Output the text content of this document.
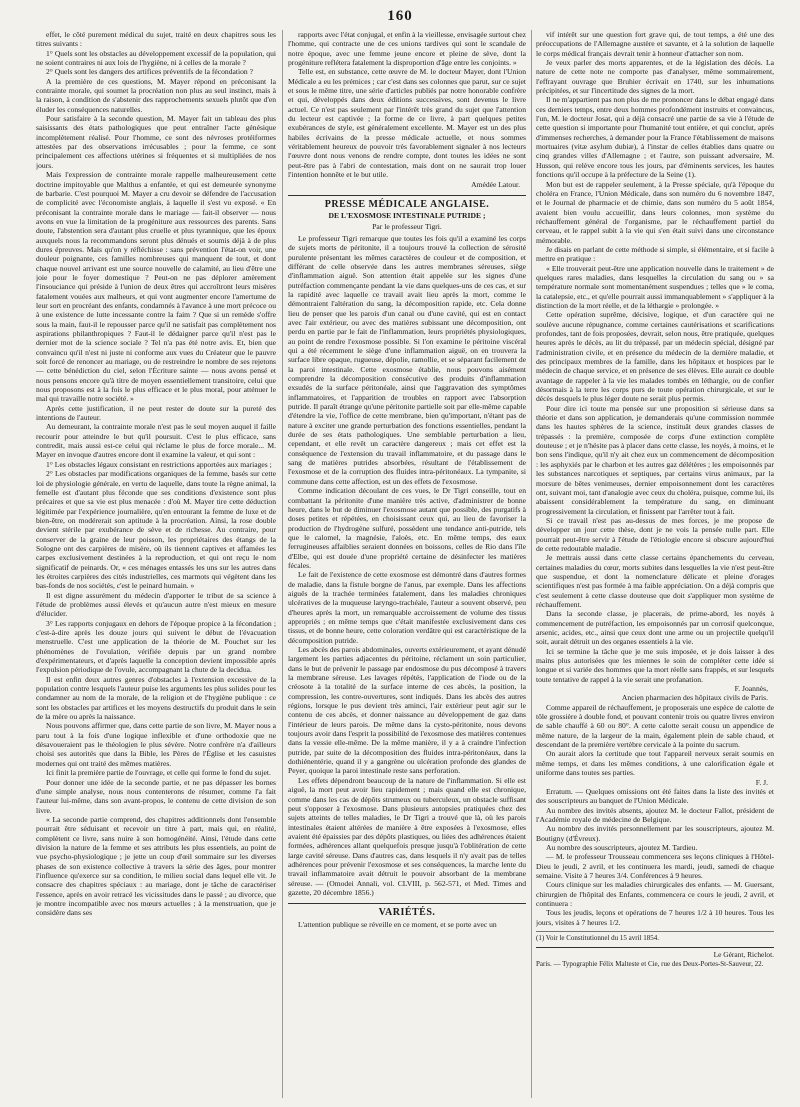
160

effet, le côté purement médical du sujet, traité en deux chapitres sous les titres suivants :

1° Quels sont les obstacles au développement excessif de la population, qui ne soient contraires ni aux lois de l'hygiène, ni à celles de la morale ?

2° Quels sont les dangers des artifices préventifs de la fécondation ?

A la première de ces questions, M. Mayer répond en préconisant la contrainte morale, qui soumet la procréation non plus au seul instinct, mais à la raison, à condition de s'abstenir des rapprochements sexuels plutôt que d'en éluder les conséquences naturelles.

Pour satisfaire à la seconde question, M. Mayer fait un tableau des plus saisissants des états pathologiques que peut entraîner l'acte génésique incomplètement réalisé. Pour l'homme, ce sont des névroses protéiformes attestées par des observations irrécusables ; pour la femme, ce sont principalement ces affections utérines si fréquentes et si multipliées de nos jours.

Mais l'expression de contrainte morale rappelle malheureusement cette doctrine impitoyable que Malthus a enfantée, et qui est demeurée synonyme de barbarie. C'est pourquoi M. Mayer a cru devoir se défendre de l'accusation de complicité avec l'économiste anglais, à laquelle il s'est vu exposé. « En préconisant la contrainte morale dans le mariage — fait-il observer — nous avons en vue la limitation de la progéniture aux ressources des parents. Sans doute, l'abstention sera d'autant plus cruelle et plus tyrannique, que les époux auxquels nous la recommandons seront plus dénués et soumis déjà à de plus dures épreuves. Mais qu'on y réfléchisse : sans prévention l'état-on voir, une douleur poignante, ces familles nombreuses qui manquent de tout, et dont chaque nouvel arrivant est une source nouvelle de calamité, au lieu d'être une joie pour le foyer domestique ? Peut-on ne pas déplorer amèrement l'insouciance qui préside à l'union de deux êtres qui accroîtront leurs misères fatalement vouées aux malheurs, et qui vont augmenter encore l'amertume de leur sort en procréant des enfants, condamnés à l'avance à une mort précoce ou à une existence de lutte incessante contre la faim ? Que si un remède s'offre sous la main, faut-il le repousser parce qu'il ne satisfait pas complètement nos aspirations philanthropiques ? Faut-il le dédaigner parce qu'il n'est pas le dernier mot de la science sociale ? Tel n'a pas été notre avis. Et, bien que convaincu qu'il n'est ni juste ni conforme aux vues du Créateur que le pauvre soit forcé de renoncer au mariage, ou de restreindre le nombre de ses rejetons — cette bénédiction du ciel, selon l'Écriture sainte — nous avons pensé et nous pensons encore qu'à titre de moyen essentiellement transitoire, celui que nous proposons est à la fois le plus efficace et le plus moral, pour atténuer le mal qui travaille notre société. »

Après cette justification, il ne peut rester de doute sur la pureté des intentions de l'auteur.

Au demeurant, la contrainte morale n'est pas le seul moyen auquel il faille recourir pour atteindre le but qu'il poursuit. C'est le plus efficace, sans contredit, mais aussi est-ce celui qui réclame le plus de force morale... M. Mayer en invoque d'autres encore dont il examine la valeur, et qui sont :

1° Les obstacles légaux consistant en restrictions apportées aux mariages ;

2° Les obstacles par modifications organiques de la femme, basés sur cette loi de physiologie générale, en vertu de laquelle, dans toute la règne animal, la femelle est d'autant plus féconde que ses conditions d'existence sont plus précaires et que sa vie est plus menacée : d'où M. Mayer tire cette déduction légitimée par l'expérience journalière, qu'en entourant la femme de luxe et de bien-être, on modérerait son aptitude à la procréation. Ainsi, la rose double devient stérile par exubérance de sève et de richesse. Au contraire, pour conserver de la graine de leur poisson, les propriétaires des étangs de la Sologne ont des carpières de misère, où ils tiennent captives et affamées les carpes exclusivement destinées à la reproduction, et qui ont reçu le nom significatif de peinards. Or, « ces ménages entassés les uns sur les autres dans les étroites carpières des cités industrielles, ces marmots qui végètent dans les bas-fonds de nos sociétés, c'est le peinard humain. »

Il est digne assurément du médecin d'apporter le tribut de sa science à l'étude de problèmes aussi élevés et qu'aucun autre n'est mieux en mesure d'élucider.

3° Les rapports conjugaux en dehors de l'époque propice à la fécondation ; c'est-à-dire après les douze jours qui suivent le début de l'évacuation menstruelle. C'est une application de la théorie de M. Pouchet sur les phénomènes de l'ovulation, vérifiée depuis par un grand nombre d'expérimentateurs, et d'après laquelle la conception devient impossible après l'expulsion périodique de l'ovule, accompagnant la chute de la decidua.

Il est enfin deux autres genres d'obstacles à l'extension excessive de la population contre lesquels l'auteur puise les arguments les plus solides pour les condamner au nom de la morale, de la religion et de l'hygiène publique : ce sont les obstacles par artifices et les moyens destructifs du produit dans le sein de la mère ou après la naissance.

Nous pouvons affirmer que, dans cette partie de son livre, M. Mayer nous a paru tout à la fois d'une logique inflexible et d'une orthodoxie que ne désavoueraient pas le théologien le plus sévère. Notre confrère n'a d'ailleurs choisi ses autorités que dans la Bible, les Pères de l'Église et les casuistes modernes qui ont traité des mêmes matières.

Ici finit la première partie de l'ouvrage, et celle qui forme le fond du sujet.

Pour donner une idée de la seconde partie, et ne pas dépasser les bornes d'une simple analyse, nous nous contenterons de résumer, comme l'a fait l'auteur lui-même, dans son avant-propos, le contenu de cette division de son livre.

« La seconde partie comprend, des chapitres additionnels dont l'ensemble pourrait être séduisant et recevoir un titre à part, mais qui, en réalité, complètent ce livre, sans nuire à son homogénéité. Ainsi, l'étude dans cette division la nature de la femme et ses attributs les plus essentiels, au point de vue psycho-physiologique ; je jette un coup d'œil sommaire sur les diverses phases de son existence collective à travers la série des âges, pour montrer l'influence qu'exerce sur sa condition, le milieu social dans lequel elle vit. Je consacre des chapitres spéciaux : au mariage, dont je tâche de caractériser l'essence, après en avoir retracé les vicissitudes dans le passé ; au divorce, que je montre incompatible avec nos mœurs actuelles ; à la menstruation, que je considère dans ses

rapports avec l'état conjugal, et enfin à la vieillesse, envisagée surtout chez l'homme, qui contracte une de ces unions tardives qui sont le scandale de notre époque, avec une femme jeune encore et pleine de sève, dont la progéniture reflétera fatalement la disproportion d'âge entre les conjoints. »

Telle est, en substance, cette œuvre de M. le docteur Mayer, dont l'Union Médicale a eu les prémices ; car c'est dans ses colonnes que parut, sur ce sujet et sous le même titre, une série d'articles publiés par notre honorable confrère et qui, développés dans deux éditions successives, sont devenus le livre actuel. Ce n'est pas seulement par l'intérêt très grand du sujet que l'attention du lecteur est captivée ; la forme de ce livre, à part quelques petites exubérances de style, est généralement excellente. M. Mayer est un des plus habiles écrivains de la presse médicale actuelle, et nous sommes véritablement heureux de pouvoir très favorablement signaler à nos lecteurs l'œuvre dont nous venons de rendre compte, dont toutes les idées ne sont peut-être pas à l'abri de contestation, mais dont on ne saurait trop louer l'intention honnête et le but utile.

Amédée Latour.
PRESSE MÉDICALE ANGLAISE.
DE L'EXOSMOSE INTESTINALE PUTRIDE ;
Par le professeur Tigri.

Le professeur Tigri remarque que toutes les fois qu'il a examiné les corps de sujets morts de péritonite, il a toujours trouvé la collection de sérosité purulente présentant les mêmes caractères de couleur et de composition, et différant de celle observée dans les autres membranes séreuses, siège d'inflammation aiguë. Son attention était appelée sur les signes d'une putréfaction commençante pendant la vie dans quelques-uns de ces cas, et sur la rapidité avec laquelle ce travail avait lieu après la mort, comme le démontraient l'altération du sang, la décomposition rapide, etc. Cela donne lieu de penser que les parois d'un canal ou d'une cavité, qui est en contact avec l'air extérieur, ou avec des matières subissant une décomposition, ont perdu en partie par le fait de l'inflammation, leurs propriétés physiologiques, au point de rendre l'exosmose possible. Si l'on examine le péritoine viscéral qui a été récemment le siège d'une inflammation aiguë, on en trouvera la surface libre opaque, rugueuse, dépolie, ramollie, et se séparant facilement de la paroi intestinale. Cette exosmose établie, nous pouvons aisément comprendre la décomposition consécutive des produits d'inflammation exsudés de la surface péritonéale, ainsi que l'aggravation des symptômes inflammatoires, et l'apparition de troubles en rapport avec l'absorption putride. Il paraît étrange qu'une péritonite partielle soit par elle-même capable d'étendre la vie, l'office de cette membrane, bien qu'important, n'étant pas de nature à exciter une grande perturbation des fonctions essentielles, pendant la durée de ses états pathologiques. Une semblable perturbation a lieu, cependant, et elle revêt un caractère dangereux ; mais cet effet est la conséquence de l'extension du travail inflammatoire, et du passage dans le sang de matières putrides absorbées, résultant de l'établissement de l'exosmose et de la corruption des fluides intra-péritonéaux. La tympanite, si commune dans cette affection, est un des effets de l'exosmose.

Comme indication découlant de ces vues, le Dr Tigri conseille, tout en combattant la péritonite d'une manière très active, d'administrer de bonne heure, dans le but de diminuer l'exosmose autant que possible, des purgatifs à doses petites et répétées, en choisissant ceux qui, au lieu de favoriser la production de l'hydrogène sulfuré, possèdent une tendance anti-putride, tels que le calomel, la magnésie, l'aloès, etc. En même temps, des eaux ferrugineuses affaiblies seraient données en boissons, celles de Rio dans l'île d'Elbe, qui est douée d'une propriété certaine de désinfecter les matières fécales.

Le fait de l'existence de cette exosmose est démontré dans d'autres formes de maladie, dans la fistule borgne de l'anus, par exemple. Dans les affections aiguës de la trachée terminées fatalement, dans les maladies chroniques ulcératives de la muqueuse laryngo-trachéale, l'auteur a souvent observé, peu d'heures après la mort, un remarquable accroissement de volume des tissus appropriés ; en même temps que c'était manifestée exclusivement dans ces tissus, et de bonne heure, cette coloration verdâtre qui est caractéristique de la décomposition putride.

Les abcès des parois abdominales, ouverts extérieurement, et ayant dénudé largement les parties adjacentes du péritoine, réclament un soin particulier, dans le but de prévenir le passage par endosmose du pus décomposé à travers la membrane séreuse. Les lavages répétés, l'application de l'iode ou de la créosote à la totalité de la surface interne de ces abcès, la position, la compression, les contre-ouvertures, sont indiqués. Dans les abcès des autres régions, lorsque le pus devient très aminci, l'air extérieur peut agir sur le contenu de ces abcès, et donner naissance au développement de gaz dans l'intérieur de leurs parois. De même dans la cysto-péritonite, nous devons toujours avoir dans l'esprit la possibilité de l'exosmose des matières contenues dans la vessie elle-même. De la même manière, il y a à craindre l'infection putride, par suite de la décomposition des fluides intra-péritonéaux, dans la dothiénentérie, quand il y a gangrène ou ulcération profonde des glandes de Peyer, quoique la paroi intestinale reste sans perforation.

Les effets dépendront beaucoup de la nature de l'inflammation. Si elle est aiguë, la mort peut avoir lieu rapidement ; mais quand elle est chronique, comme dans les cas de dépôts strumeux ou tuberculeux, un obstacle suffisant peut s'opposer à l'exosmose. Dans plusieurs autopsies pratiquées chez des sujets atteints de telles maladies, le Dr Tigri a trouvé que là, où les parois intestinales étaient altérées de manière à être exposées à l'exosmose, elles avaient été épaissies par des dépôts plastiques, ou liées des adhérences étaient formées, adhérences allant quelquefois presque jusqu'à l'oblitération de cette large cavité séreuse. Dans d'autres cas, dans lesquels il n'y avait pas de telles adhérences pour prévenir l'exosmose et ses conséquences, la marche lente du travail inflammatoire avait détruit le pouvoir absorbant de la membrane séreuse. — (Omodei Annali, vol. CLVIII, p. 562-571, et Med. Times and gazette, 20 décembre 1856.)

VARIÉTÉS.

L'attention publique se réveille en ce moment, et se porte avec un

vif intérêt sur une question fort grave qui, de tout temps, a été une des préoccupations de l'Allemagne austère et savante, et à la solution de laquelle le corps médical français devrait tenir à honneur d'attacher son nom.

Je veux parler des morts apparentes, et de la législation des décès. La nature de cette note ne comporte pas d'analyser, même sommairement, l'effrayant ouvrage que Bruhier écrivait en 1740, sur les inhumations précipitées, et sur l'incertitude des signes de la mort.

Il ne m'appartient pas non plus de me prononcer dans le débat engagé dans ces derniers temps, entre deux hommes profondément instruits et convaincus, l'un, M. le docteur Josat, qui a déjà consacré une partie de sa vie à l'étude de cette question si importante pour l'humanité tout entière, et qui conclut, après d'immenses recherches, à demander pour la France l'établissement de maisons mortuaires (vitæ asylum dubiæ), à l'instar de celles établies dans quatre ou cinq grandes villes d'Allemagne ; et l'autre, son puissant adversaire, M. Husson, qui relève encore tous les jours, par d'éminents services, les hautes fonctions qu'il occupe à la préfecture de la Seine (1).

Mon but est de rappeler seulement, à la Presse spéciale, qu'à l'époque du choléra en France, l'Union Médicale, dans son numéro du 6 novembre 1847, et le Journal de pharmacie et de chimie, dans son numéro du 5 août 1854, avaient bien voulu accueillir, dans leurs colonnes, mon système du réchauffement général de l'organisme, par le réchauffement partiel du cerveau, et le rappel subit à la vie qui s'en était suivi dans une circonstance mémorable.

Je disais en parlant de cette méthode si simple, si élémentaire, et si facile à mettre en pratique :

« Elle trouverait peut-être une application nouvelle dans le traitement » de quelques rares maladies, dans lesquelles la circulation du sang ou » sa température normale sont momentanément suspendues ; telles que » le coma, la catalepsie, etc., et qu'elle pourrait aussi immanquablement » s'appliquer à la distinction de la mort réelle, et de la léthargie » prolongée. »

Cette opération suprême, décisive, logique, et d'un caractère qui ne soulève aucune répugnance, comme certaines cautérisations et scarifications profondes, tant de fois proposées, devrait, selon nous, être pratiquée, quelques heures après le décès, au lit du trépassé, par un médecin spécial, désigné par l'administration civile, et en présence du médecin de la dernière maladie, et des principaux membres de la famille, dans les hôpitaux et hospices par le médecin de chaque service, et en présence de ses élèves. Elle aurait ce double avantage de rappeler à la vie les malades tombés en léthargie, ou de confier désormais à la terre les corps purs de toute opération chirurgicale, et sur le décès desquels le plus léger doute ne serait plus permis.

Pour dire ici toute ma pensée sur une proposition si sérieuse dans sa théorie et dans son application, je demanderais qu'une commission nommée dans les hautes sphères de la science, instituât deux grandes classes de trépassés : la première, composée de corps d'une extinction complète douteuse ; et je n'hésite pas à placer dans cette classe, les noyés, à moins, et le bon sens l'indique, qu'il n'y ait chez eux un commencement de décomposition : les asphyxiés par le charbon et les autres gaz délétères ; les empoisonnés par les substances narcotiques et septiques, par certains virus animaux, par la morsure de bêtes venimeuses, dernier empoisonnement dont les caractères ont, suivant moi, tant d'analogie avec ceux du choléra, puisque, comme lui, ils abaissent considérablement la température du sang, en diminuant progressivement la circulation, et finissent par l'arrêter tout à fait.

Si ce travail n'est pas au-dessus de mes forces, je me propose de développer un jour cette thèse, dont je ne vois la pensée nulle part. Elle pourrait peut-être servir à l'étude de l'étiologie encore si obscure aujourd'hui de cette redoutable maladie.

Je mettrais aussi dans cette classe certains épanchements du cerveau, certaines maladies du cœur, morts subites dans lesquelles la vie n'est peut-être que suspendue, et dont la nomenclature délicate et pleine d'orages scientifiques n'est pas formée à ma faible appréciation. On a déjà compris que c'est seulement à cette classe douteuse que doit s'appliquer mon système de réchauffement.

Dans la seconde classe, je placerais, de prime-abord, les noyés à commencement de putréfaction, les empoisonnés par un corrosif quelconque, arsenic, acides, etc., ainsi que ceux dont une arme ou un projectile quelqu'il soit, aurait détruit un des organes essentiels à la vie.

Ici se termine la tâche que je me suis imposée, et je dois laisser à des mains plus autorisées que les miennes le soin de compléter cette idée si longue et si variée des hommes que la mort réelle sans frappés, et sur lesquels toute tentative de rappel à la vie serait une profanation.

F. Joannès,
Ancien pharmacien des hôpitaux civils de Paris.

Comme appareil de réchauffement, je proposerais une espèce de calotte de tôle grossière à double fond, et pouvant contenir trois ou quatre livres environ de sable chauffé à 60 ou 80°. A cette calotte serait cousu un appendice de même nature, de la largeur de la main, également plein de sable chaud, et descendant de la première vertèbre cervicale à la pointe du sacrum.

On aurait alors la certitude que tout l'appareil nerveux serait soumis en même temps, et dans les mêmes conditions, à une calorification égale et uniforme dans toutes ses parties.

F. J.

Erratum. — Quelques omissions ont été faites dans la liste des invités et des souscripteurs au banquet de l'Union Médicale.

Au nombre des invités absents, ajoutez M. le docteur Fallot, président de l'Académie royale de médecine de Belgique.

Au nombre des invités personnellement par les souscripteurs, ajoutez M. Boutigny (d'Évreux).

Au nombre des souscripteurs, ajoutez M. Tardieu.

— M. le professeur Trousseau commencera ses leçons cliniques à l'Hôtel-Dieu le jeudi, 2 avril, et les continuera les mardi, jeudi, samedi de chaque semaine. Visite à 7 heures 3/4. Conférences à 9 heures.

Cours clinique sur les maladies chirurgicales des enfants. — M. Guersant, chirurgien de l'hôpital des Enfants, commencera ce cours le jeudi, 2 avril, et continuera :

Tous les jeudis, leçons et opérations de 7 heures 1/2 à 10 heures. Tous les jours, visites à 7 heures 1/2.

(1) Voir le Constitutionnel du 15 avril 1854.
Le Gérant, Richelot.
Paris. — Typographie Félix Malteste et Cie, rue des Deux-Portes-St-Sauveur, 22.
